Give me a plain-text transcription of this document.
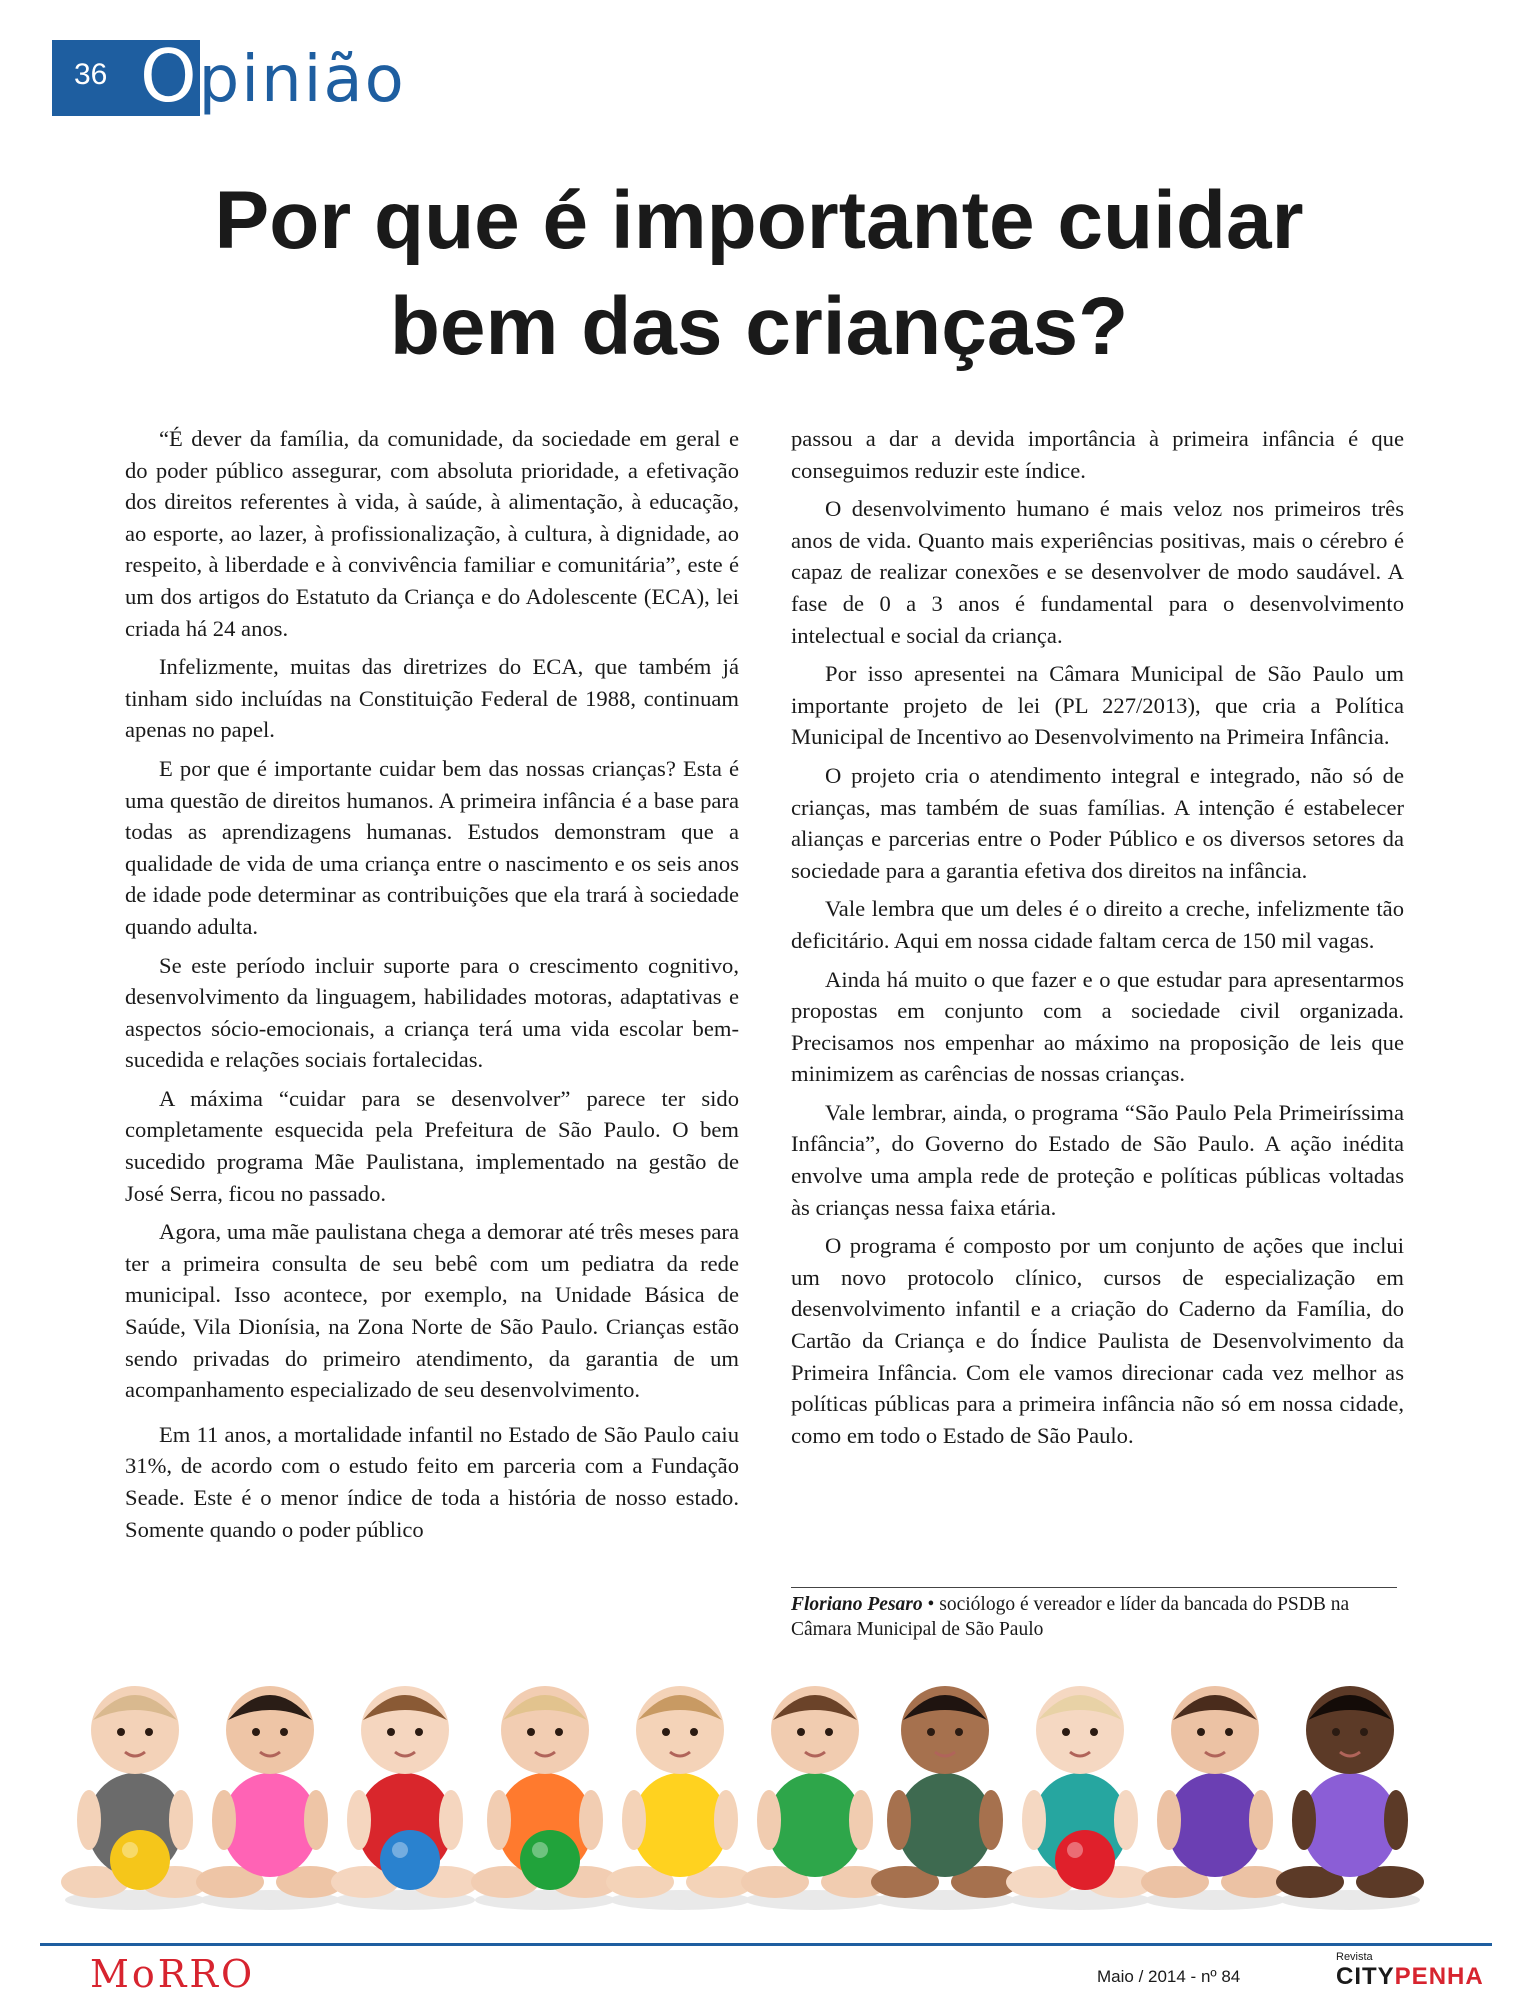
36 Opinião
Por que é importante cuidar
bem das crianças?

“É dever da família, da comunidade, da sociedade em geral e do poder público assegurar, com absoluta prioridade, a efetivação dos direitos referentes à vida, à saúde, à alimentação, à educação, ao esporte, ao lazer, à profissionalização, à cultura, à dignidade, ao respeito, à liberdade e à convivência familiar e comunitária”, este é um dos artigos do Estatuto da Criança e do Adolescente (ECA), lei criada há 24 anos.

Infelizmente, muitas das diretrizes do ECA, que também já tinham sido incluídas na Constituição Federal de 1988, continuam apenas no papel.

E por que é importante cuidar bem das nossas crianças? Esta é uma questão de direitos humanos. A primeira infância é a base para todas as aprendizagens humanas. Estudos demonstram que a qualidade de vida de uma criança entre o nascimento e os seis anos de idade pode determinar as contribuições que ela trará à sociedade quando adulta.

Se este período incluir suporte para o crescimento cognitivo, desenvolvimento da linguagem, habilidades motoras, adaptativas e aspectos sócio-emocionais, a criança terá uma vida escolar bem-sucedida e relações sociais fortalecidas.

A máxima “cuidar para se desenvolver” parece ter sido completamente esquecida pela Prefeitura de São Paulo. O bem sucedido programa Mãe Paulistana, implementado na gestão de José Serra, ficou no passado.

Agora, uma mãe paulistana chega a demorar até três meses para ter a primeira consulta de seu bebê com um pediatra da rede municipal. Isso acontece, por exemplo, na Unidade Básica de Saúde, Vila Dionísia, na Zona Norte de São Paulo. Crianças estão sendo privadas do primeiro atendimento, da garantia de um acompanhamento especializado de seu desenvolvimento.

Em 11 anos, a mortalidade infantil no Estado de São Paulo caiu 31%, de acordo com o estudo feito em parceria com a Fundação Seade. Este é o menor índice de toda a história de nosso estado. Somente quando o poder público

passou a dar a devida importância à primeira infância é que conseguimos reduzir este índice.

O desenvolvimento humano é mais veloz nos primeiros três anos de vida. Quanto mais experiências positivas, mais o cérebro é capaz de realizar conexões e se desenvolver de modo saudável. A fase de 0 a 3 anos é fundamental para o desenvolvimento intelectual e social da criança.

Por isso apresentei na Câmara Municipal de São Paulo um importante projeto de lei (PL 227/2013), que cria a Política Municipal de Incentivo ao Desenvolvimento na Primeira Infância.

O projeto cria o atendimento integral e integrado, não só de crianças, mas também de suas famílias. A intenção é estabelecer alianças e parcerias entre o Poder Público e os diversos setores da sociedade para a garantia efetiva dos direitos na infância.

Vale lembra que um deles é o direito a creche, infelizmente tão deficitário. Aqui em nossa cidade faltam cerca de 150 mil vagas.

Ainda há muito o que fazer e o que estudar para apresentarmos propostas em conjunto com a sociedade civil organizada. Precisamos nos empenhar ao máximo na proposição de leis que minimizem as carências de nossas crianças.

Vale lembrar, ainda, o programa “São Paulo Pela Primeiríssima Infância”, do Governo do Estado de São Paulo. A ação inédita envolve uma ampla rede de proteção e políticas públicas voltadas às crianças nessa faixa etária.

O programa é composto por um conjunto de ações que inclui um novo protocolo clínico, cursos de especialização em desenvolvimento infantil e a criação do Caderno da Família, do Cartão da Criança e do Índice Paulista de Desenvolvimento da Primeira Infância. Com ele vamos direcionar cada vez melhor as políticas públicas para a primeira infância não só em nossa cidade, como em todo o Estado de São Paulo.

Floriano Pesaro • sociólogo é vereador e líder da bancada do PSDB na Câmara Municipal de São Paulo
MoRRO	Maio / 2014 - nº 84
Revista
CITYPENHA
